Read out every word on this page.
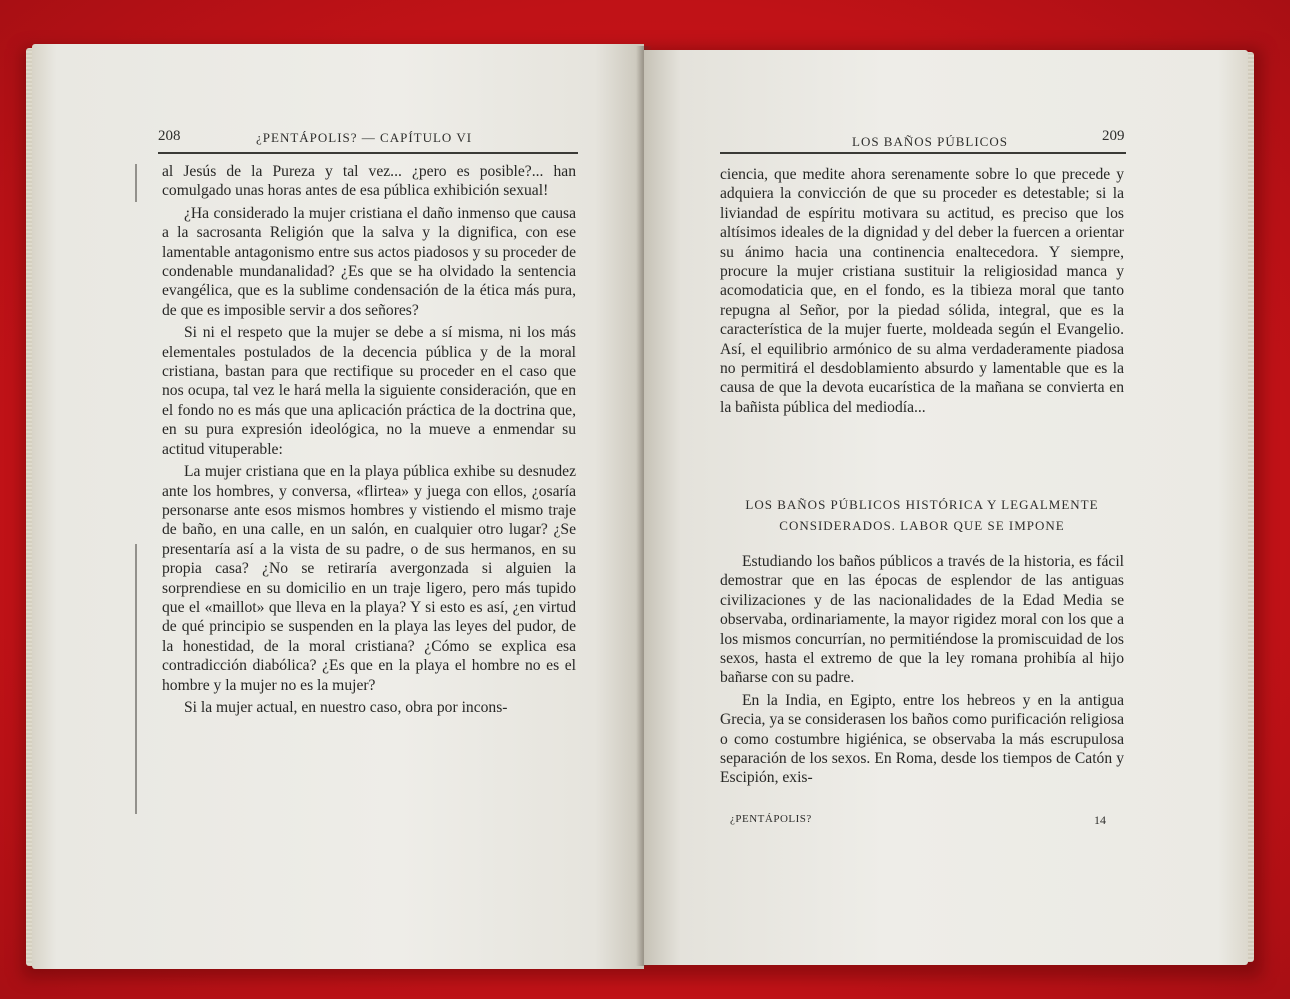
208	¿PENTÁPOLIS? — CAPÍTULO VI

al Jesús de la Pureza y tal vez... ¿pero es posible?... han comulgado unas horas antes de esa pública exhibición sexual!

¿Ha considerado la mujer cristiana el daño inmenso que causa a la sacrosanta Religión que la salva y la dignifica, con ese lamentable antagonismo entre sus actos piadosos y su proceder de condenable mundanalidad? ¿Es que se ha olvidado la sentencia evangélica, que es la sublime condensación de la ética más pura, de que es imposible servir a dos señores?

Si ni el respeto que la mujer se debe a sí misma, ni los más elementales postulados de la decencia pública y de la moral cristiana, bastan para que rectifique su proceder en el caso que nos ocupa, tal vez le hará mella la siguiente consideración, que en el fondo no es más que una aplicación práctica de la doctrina que, en su pura expresión ideológica, no la mueve a enmendar su actitud vituperable:

La mujer cristiana que en la playa pública exhibe su desnudez ante los hombres, y conversa, «flirtea» y juega con ellos, ¿osaría personarse ante esos mismos hombres y vistiendo el mismo traje de baño, en una calle, en un salón, en cualquier otro lugar? ¿Se presentaría así a la vista de su padre, o de sus hermanos, en su propia casa? ¿No se retiraría avergonzada si alguien la sorprendiese en su domicilio en un traje ligero, pero más tupido que el «maillot» que lleva en la playa? Y si esto es así, ¿en virtud de qué principio se suspenden en la playa las leyes del pudor, de la honestidad, de la moral cristiana? ¿Cómo se explica esa contradicción diabólica? ¿Es que en la playa el hombre no es el hombre y la mujer no es la mujer?

Si la mujer actual, en nuestro caso, obra por incons-

LOS BAÑOS PÚBLICOS	209

ciencia, que medite ahora serenamente sobre lo que precede y adquiera la convicción de que su proceder es detestable; si la liviandad de espíritu motivara su actitud, es preciso que los altísimos ideales de la dignidad y del deber la fuercen a orientar su ánimo hacia una continencia enaltecedora. Y siempre, procure la mujer cristiana sustituir la religiosidad manca y acomodaticia que, en el fondo, es la tibieza moral que tanto repugna al Señor, por la piedad sólida, integral, que es la característica de la mujer fuerte, moldeada según el Evangelio. Así, el equilibrio armónico de su alma verdaderamente piadosa no permitirá el desdoblamiento absurdo y lamentable que es la causa de que la devota eucarística de la mañana se convierta en la bañista pública del mediodía...

LOS BAÑOS PÚBLICOS HISTÓRICA Y LEGALMENTE
CONSIDERADOS. LABOR QUE SE IMPONE

Estudiando los baños públicos a través de la historia, es fácil demostrar que en las épocas de esplendor de las antiguas civilizaciones y de las nacionalidades de la Edad Media se observaba, ordinariamente, la mayor rigidez moral con los que a los mismos concurrían, no permitiéndose la promiscuidad de los sexos, hasta el extremo de que la ley romana prohibía al hijo bañarse con su padre.

En la India, en Egipto, entre los hebreos y en la antigua Grecia, ya se considerasen los baños como purificación religiosa o como costumbre higiénica, se observaba la más escrupulosa separación de los sexos. En Roma, desde los tiempos de Catón y Escipión, exis-

¿PENTÁPOLIS?	14
